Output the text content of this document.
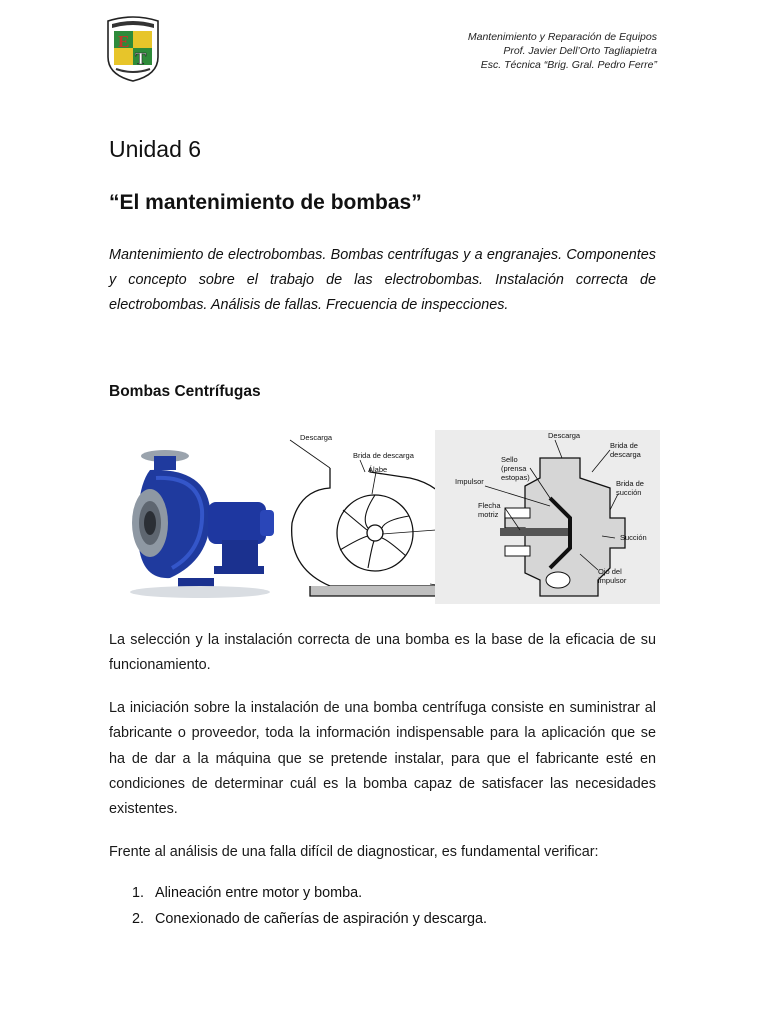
E
T
Mantenimiento y Reparación de Equipos
Prof. Javier Dell’Orto Tagliapietra
Esc. Técnica “Brig. Gral. Pedro Ferre”
Unidad 6
“El mantenimiento de bombas”
Mantenimiento de electrobombas. Bombas centrífugas y a engranajes. Componentes y concepto sobre el trabajo de las electrobombas. Instalación correcta de electrobombas. Análisis de fallas. Frecuencia de inspecciones.
Bombas Centrífugas
Descarga
Brida de descarga
Álabe
Descarga
Brida de
descarga
Sello
(prensa
estopas)
Impulsor
Flecha
motriz
Brida de
succión
Succión
Ojo del
impulsor
La selección y la instalación correcta de una bomba es la base de la eficacia de su funcionamiento.
La iniciación sobre la instalación de una bomba centrífuga consiste en suministrar al fabricante o proveedor, toda la información indispensable para la aplicación que se ha de dar a la máquina que se pretende instalar, para que el fabricante esté en condiciones de determinar cuál es la bomba capaz de satisfacer las necesidades existentes.
Frente al análisis de una falla difícil de diagnosticar, es fundamental verificar:
1. Alineación entre motor y bomba.
2. Conexionado de cañerías de aspiración y descarga.
